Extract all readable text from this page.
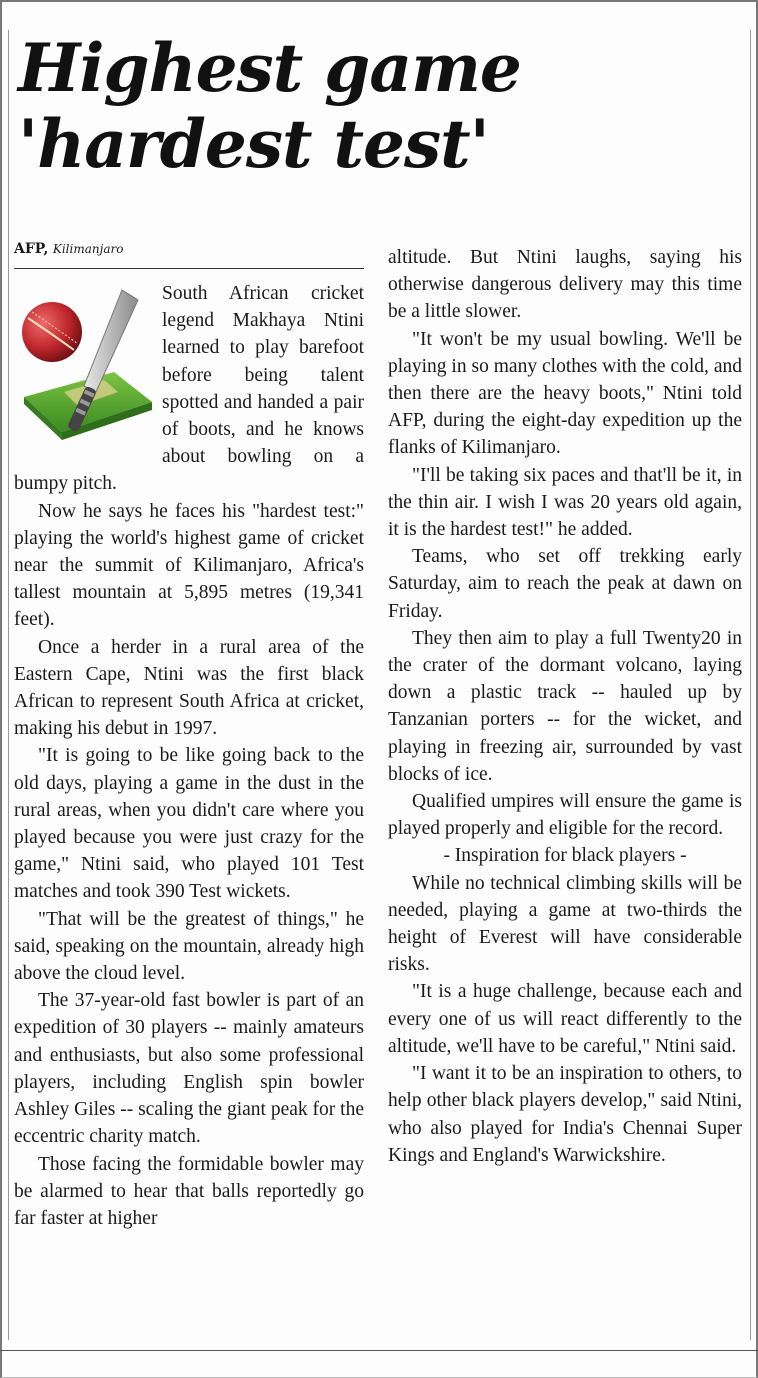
Highest game
'hardest test'
AFP, Kilimanjaro

South African cricket legend Makhaya Ntini learned to play barefoot before being talent spotted and handed a pair of boots, and he knows about bowling on a bumpy pitch.

Now he says he faces his "hardest test:" playing the world's highest game of cricket near the summit of Kilimanjaro, Africa's tallest mountain at 5,895 metres (19,341 feet).

Once a herder in a rural area of the Eastern Cape, Ntini was the first black African to represent South Africa at cricket, making his debut in 1997.

"It is going to be like going back to the old days, playing a game in the dust in the rural areas, when you didn't care where you played because you were just crazy for the game," Ntini said, who played 101 Test matches and took 390 Test wickets.

"That will be the greatest of things," he said, speaking on the mountain, already high above the cloud level.

The 37-year-old fast bowler is part of an expedition of 30 players -- mainly amateurs and enthusiasts, but also some professional players, including English spin bowler Ashley Giles -- scaling the giant peak for the eccentric charity match.

Those facing the formidable bowler may be alarmed to hear that balls reportedly go far faster at higher

altitude. But Ntini laughs, saying his otherwise dangerous delivery may this time be a little slower.

"It won't be my usual bowling. We'll be playing in so many clothes with the cold, and then there are the heavy boots," Ntini told AFP, during the eight-day expedition up the flanks of Kilimanjaro.

"I'll be taking six paces and that'll be it, in the thin air. I wish I was 20 years old again, it is the hardest test!" he added.

Teams, who set off trekking early Saturday, aim to reach the peak at dawn on Friday.

They then aim to play a full Twenty20 in the crater of the dormant volcano, laying down a plastic track -- hauled up by Tanzanian porters -- for the wicket, and playing in freezing air, surrounded by vast blocks of ice.

Qualified umpires will ensure the game is played properly and eligible for the record.

- Inspiration for black players -

While no technical climbing skills will be needed, playing a game at two-thirds the height of Everest will have considerable risks.

"It is a huge challenge, because each and every one of us will react differently to the altitude, we'll have to be careful," Ntini said.

"I want it to be an inspiration to others, to help other black players develop," said Ntini, who also played for India's Chennai Super Kings and England's Warwickshire.
